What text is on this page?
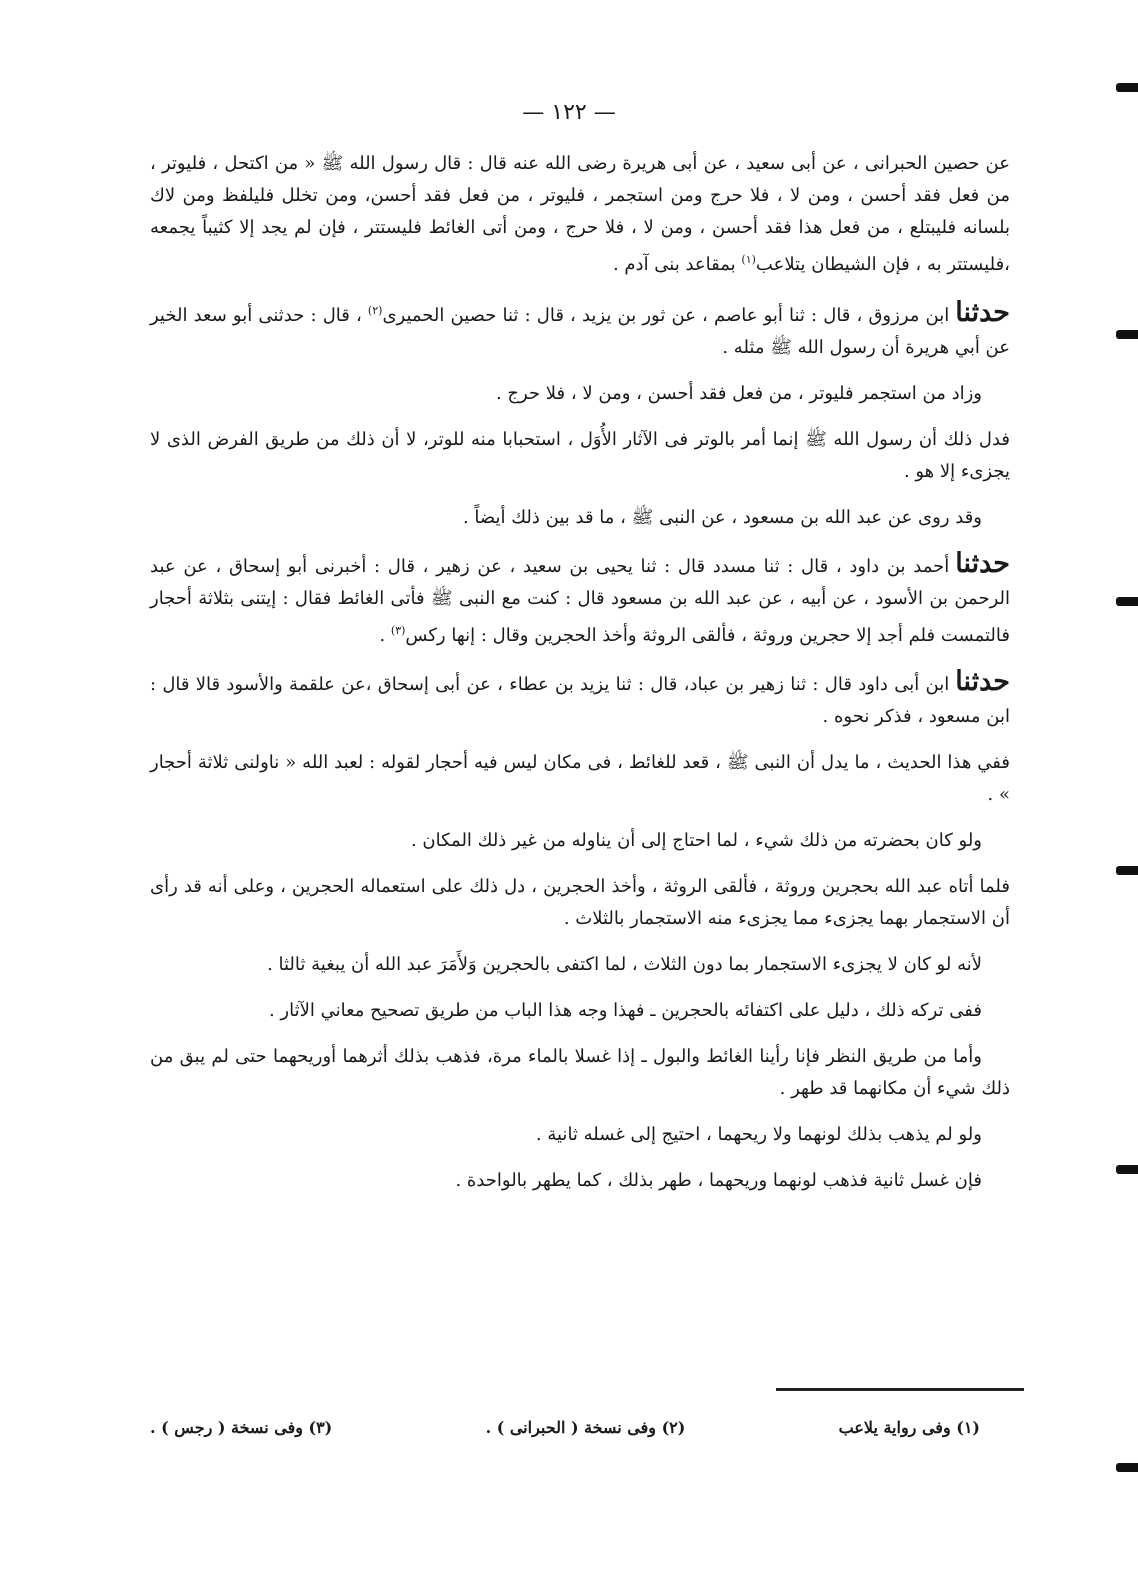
— ١٢٢ —

عن حصين الحبرانى ، عن أبى سعيد ، عن أبى هريرة رضى الله عنه قال : قال رسول الله ﷺ « من اكتحل ، فليوتر ، من فعل فقد أحسن ، ومن لا ، فلا حرج ومن استجمر ، فليوتر ، من فعل فقد أحسن، ومن تخلل فليلفظ ومن لاك بلسانه فليبتلع ، من فعل هذا فقد أحسن ، ومن لا ، فلا حرج ، ومن أتى الغائط فليستتر ، فإن لم يجد إلا كثيباً يجمعه ،فليستتر به ، فإن الشيطان يتلاعب$^{(١)}$ بمقاعد بنى آدم .

حدثناابن مرزوق ، قال : ثنا أبو عاصم ، عن ثور بن يزيد ، قال : ثنا حصين الحميرى$^{(٢)}$ ، قال : حدثنى أبو سعد الخير عن أبي هريرة أن رسول الله ﷺ مثله .

وزاد من استجمر فليوتر ، من فعل فقد أحسن ، ومن لا ، فلا حرج .

فدل ذلك أن رسول الله ﷺ إنما أمر بالوتر فى الآثار الأُوَل ، استحبابا منه للوتر، لا أن ذلك من طريق الفرض الذى لا يجزىء إلا هو .

وقد روى عن عبد الله بن مسعود ، عن النبى ﷺ ، ما قد بين ذلك أيضاً .

حدثناأحمد بن داود ، قال : ثنا مسدد قال : ثنا يحيى بن سعيد ، عن زهير ، قال : أخبرنى أبو إسحاق ، عن عبد الرحمن بن الأسود ، عن أبيه ، عن عبد الله بن مسعود قال : كنت مع النبى ﷺ فأتى الغائط فقال : إيتنى بثلاثة أحجار فالتمست فلم أجد إلا حجرين وروثة ، فألقى الروثة وأخذ الحجرين وقال : إنها ركس$^{(٣)}$ .

حدثناابن أبى داود قال : ثنا زهير بن عباد، قال : ثنا يزيد بن عطاء ، عن أبى إسحاق ،عن علقمة والأسود قالا قال : ابن مسعود ، فذكر نحوه .

ففي هذا الحديث ، ما يدل أن النبى ﷺ ، قعد للغائط ، فى مكان ليس فيه أحجار لقوله : لعبد الله « ناولنى ثلاثة أحجار » .

ولو كان بحضرته من ذلك شيء ، لما احتاج إلى أن يناوله من غير ذلك المكان .

فلما أتاه عبد الله بحجرين وروثة ، فألقى الروثة ، وأخذ الحجرين ، دل ذلك على استعماله الحجرين ، وعلى أنه قد رأى أن الاستجمار بهما يجزىء مما يجزىء منه الاستجمار بالثلاث .

لأنه لو كان لا يجزىء الاستجمار بما دون الثلاث ، لما اكتفى بالحجرين وَلأَمَرَ عبد الله أن يبغية ثالثا .

ففى تركه ذلك ، دليل على اكتفائه بالحجرين ـ فهذا وجه هذا الباب من طريق تصحيح معاني الآثار .

وأما من طريق النظر فإنا رأينا الغائط والبول ـ إذا غسلا بالماء مرة، فذهب بذلك أثرهما أوريحهما حتى لم يبق من ذلك شيء أن مكانهما قد طهر .

ولو لم يذهب بذلك لونهما ولا ريحهما ، احتيج إلى غسله ثانية .

فإن غسل ثانية فذهب لونهما وريحهما ، طهر بذلك ، كما يطهر بالواحدة .

(١) وفى رواية يلاعب
(٢) وفى نسخة ( الحبرانى ) .
(٣) وفى نسخة ( رجس ) .
